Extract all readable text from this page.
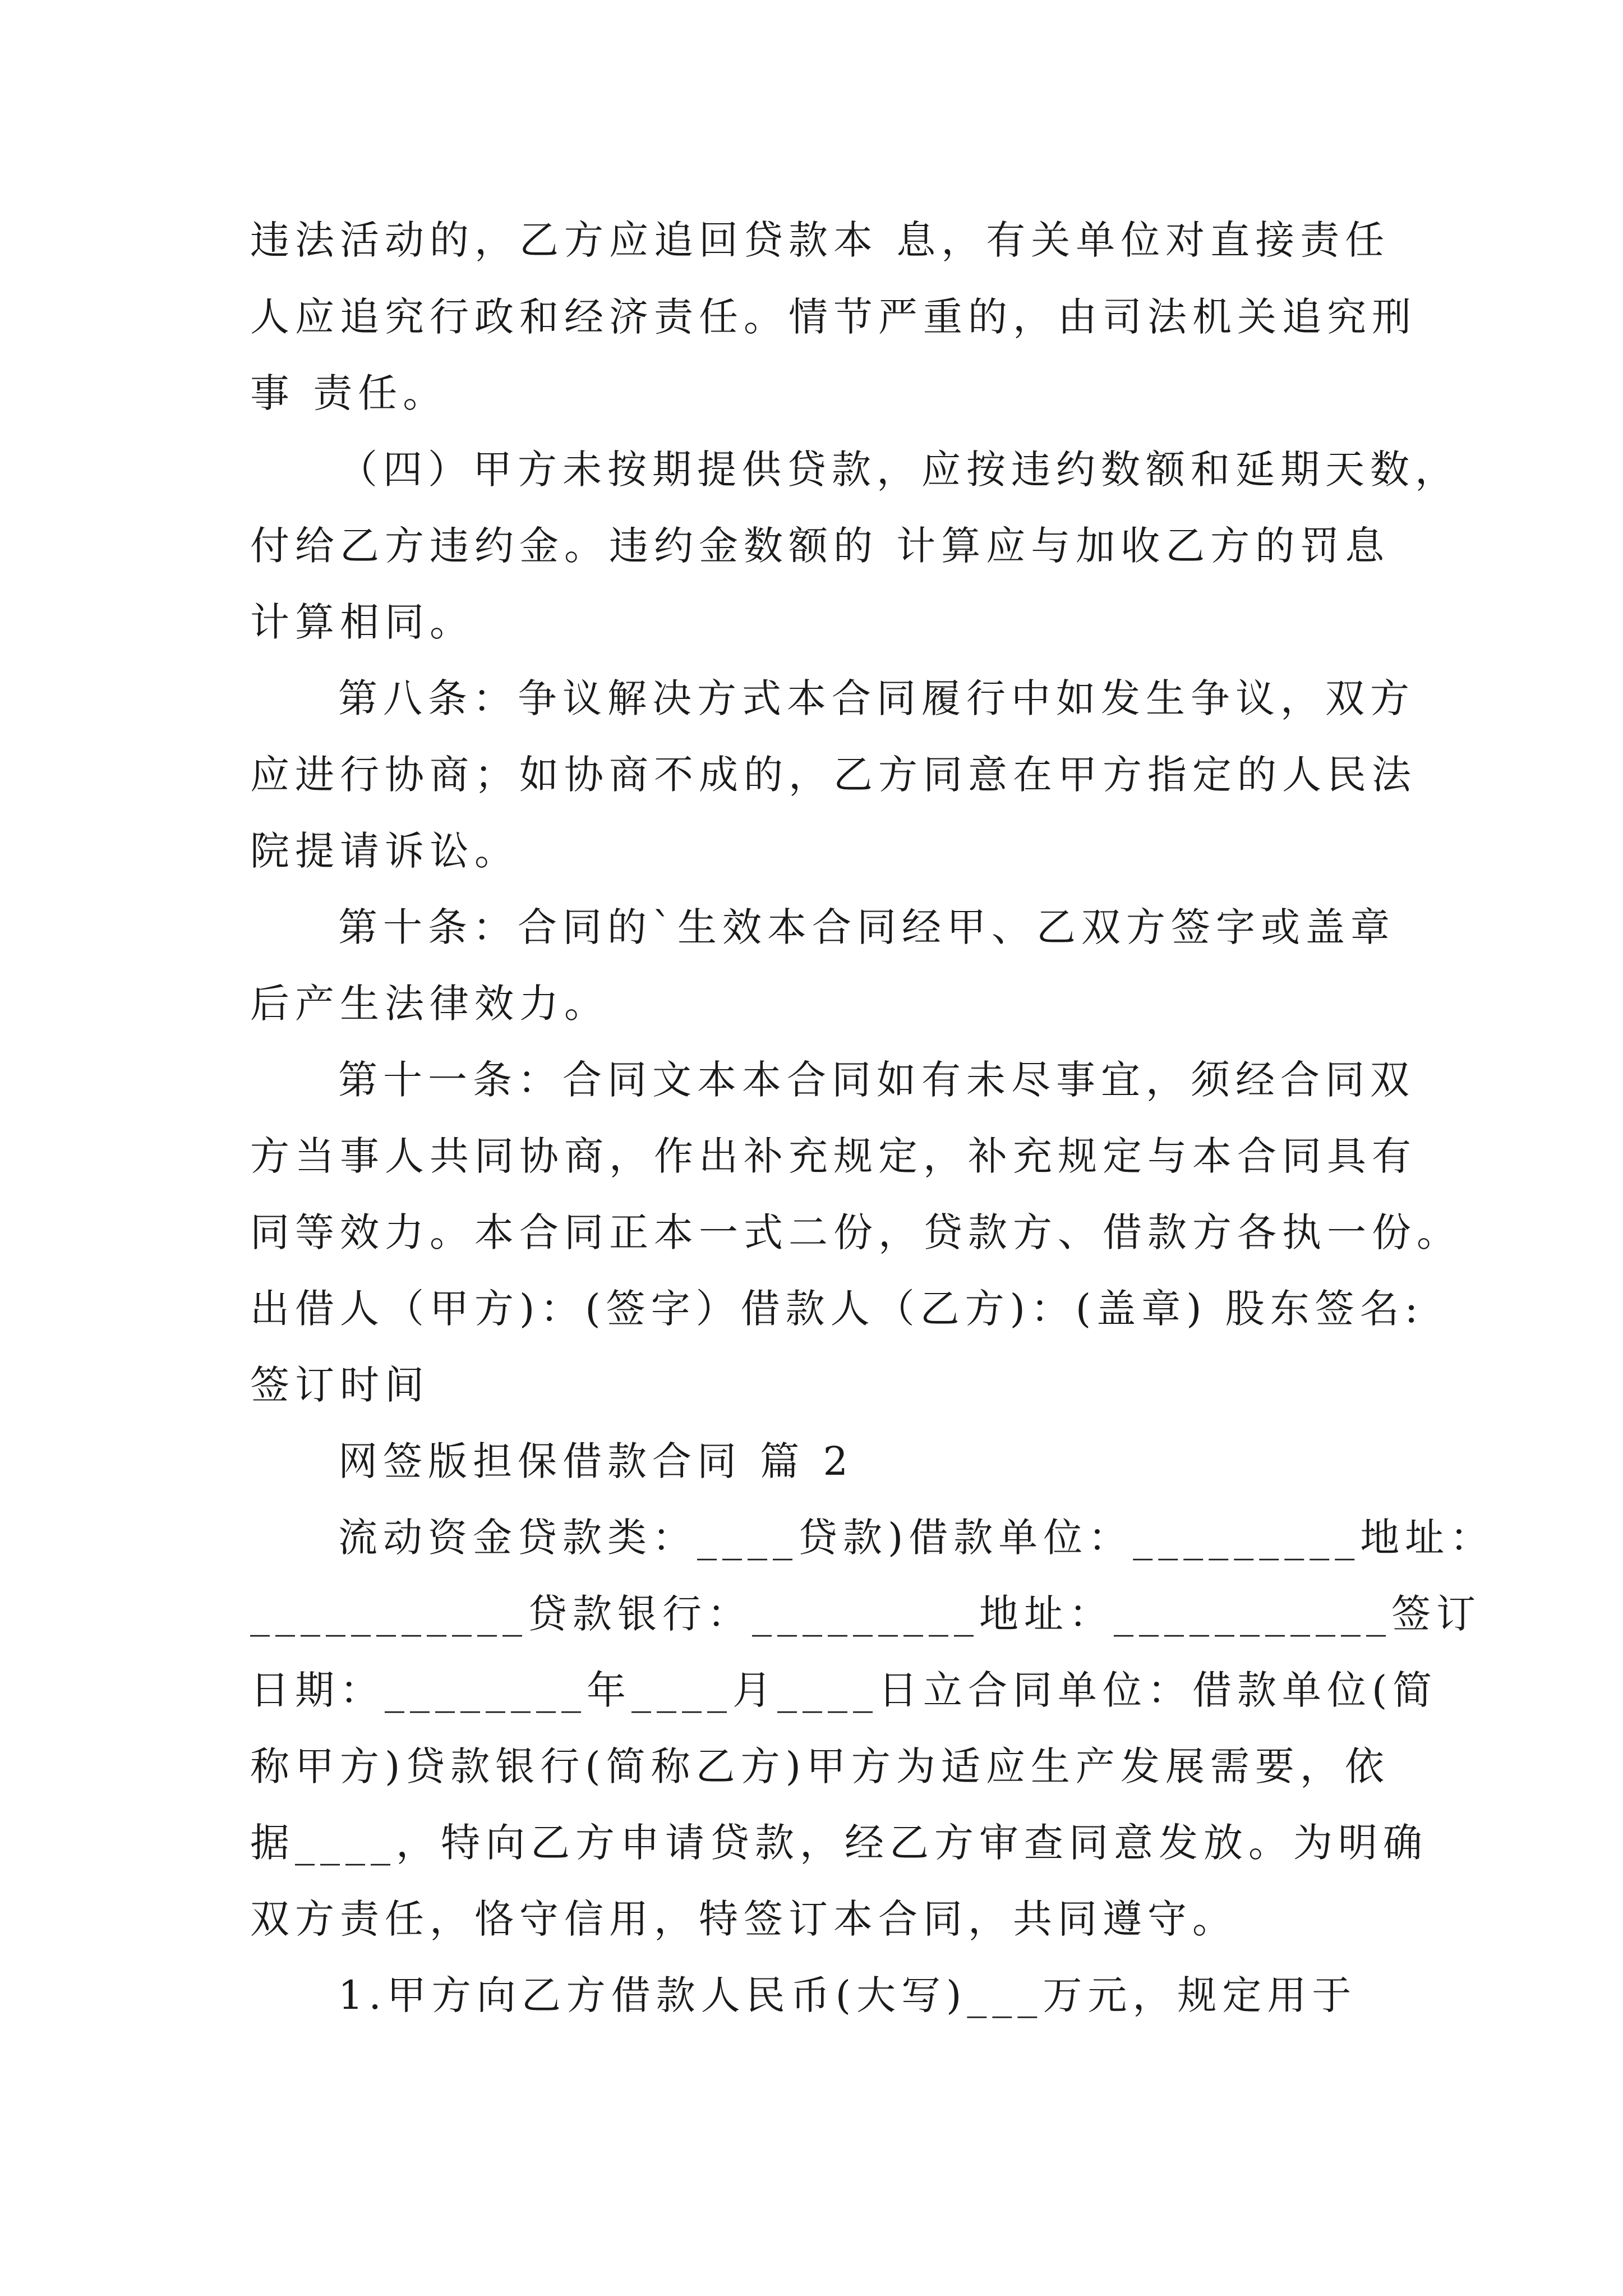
违法活动的，乙方应追回贷款本 息，有关单位对直接责任
人应追究行政和经济责任。情节严重的，由司法机关追究刑
事 责任。
（四）甲方未按期提供贷款，应按违约数额和延期天数，
付给乙方违约金。违约金数额的 计算应与加收乙方的罚息
计算相同。
第八条：争议解决方式本合同履行中如发生争议，双方
应进行协商；如协商不成的，乙方同意在甲方指定的人民法
院提请诉讼。
第十条：合同的`生效本合同经甲、乙双方签字或盖章
后产生法律效力。
第十一条：合同文本本合同如有未尽事宜，须经合同双
方当事人共同协商，作出补充规定，补充规定与本合同具有
同等效力。本合同正本一式二份，贷款方、借款方各执一份。
出借人（甲方)：(签字）借款人（乙方)：(盖章) 股东签名:
签订时间
网签版担保借款合同 篇 2
流动资金贷款类：____贷款)借款单位：_________地址：
___________贷款银行：_________地址：___________签订
日期：________年____月____日立合同单位：借款单位(简
称甲方)贷款银行(简称乙方)甲方为适应生产发展需要，依
据____，特向乙方申请贷款，经乙方审查同意发放。为明确
双方责任，恪守信用，特签订本合同，共同遵守。
1.甲方向乙方借款人民币(大写)___万元，规定用于
